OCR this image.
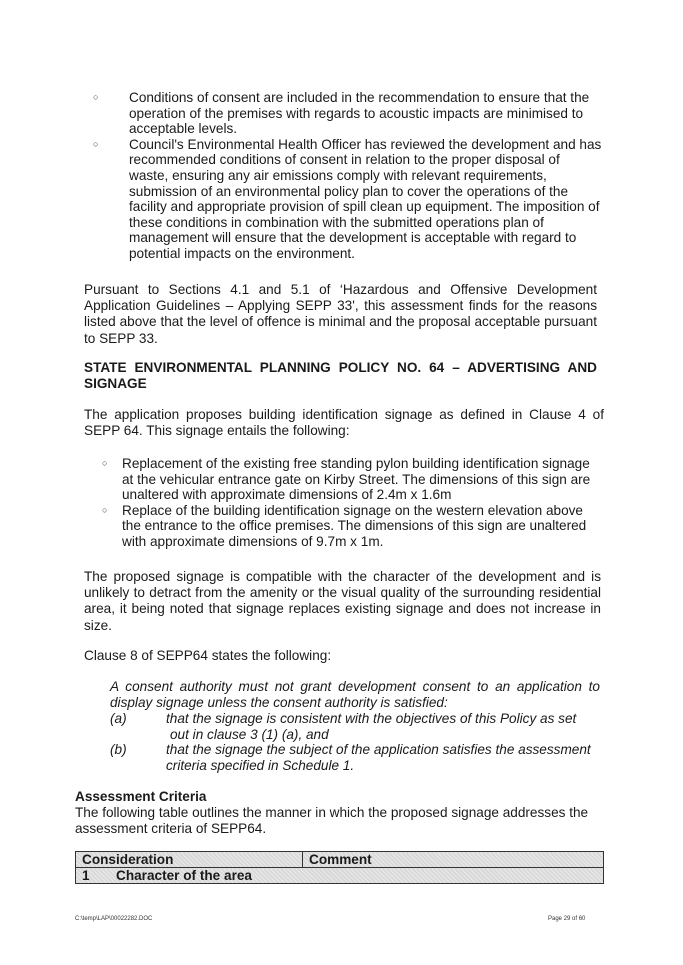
○	Conditions of consent are included in the recommendation to ensure that the operation of the premises with regards to acoustic impacts are minimised to acceptable levels.
○	Council's Environmental Health Officer has reviewed the development and has recommended conditions of consent in relation to the proper disposal of waste, ensuring any air emissions comply with relevant requirements, submission of an environmental policy plan to cover the operations of the facility and appropriate provision of spill clean up equipment. The imposition of these conditions in combination with the submitted operations plan of management will ensure that the development is acceptable with regard to potential impacts on the environment.

Pursuant to Sections 4.1 and 5.1 of ‘Hazardous and Offensive Development Application Guidelines – Applying SEPP 33', this assessment finds for the reasons listed above that the level of offence is minimal and the proposal acceptable pursuant to SEPP 33.

STATE ENVIRONMENTAL PLANNING POLICY NO. 64 – ADVERTISING AND SIGNAGE

The application proposes building identification signage as defined in Clause 4 of SEPP 64. This signage entails the following:

○	Replacement of the existing free standing pylon building identification signage at the vehicular entrance gate on Kirby Street. The dimensions of this sign are unaltered with approximate dimensions of 2.4m x 1.6m
○	Replace of the building identification signage on the western elevation above the entrance to the office premises. The dimensions of this sign are unaltered with approximate dimensions of 9.7m x 1m.

The proposed signage is compatible with the character of the development and is unlikely to detract from the amenity or the visual quality of the surrounding residential area, it being noted that signage replaces existing signage and does not increase in size.

Clause 8 of SEPP64 states the following:

A consent authority must not grant development consent to an application to display signage unless the consent authority is satisfied:

(a)	that the signage is consistent with the objectives of this Policy as set
out in clause 3 (1) (a), and
(b)	that the signage the subject of the application satisfies the assessment
criteria specified in Schedule 1.

Assessment Criteria

The following table outlines the manner in which the proposed signage addresses the assessment criteria of SEPP64.

Consideration	Comment
1 Character of the area
C:\temp\LAP\00022282.DOC	Page 29 of 60
